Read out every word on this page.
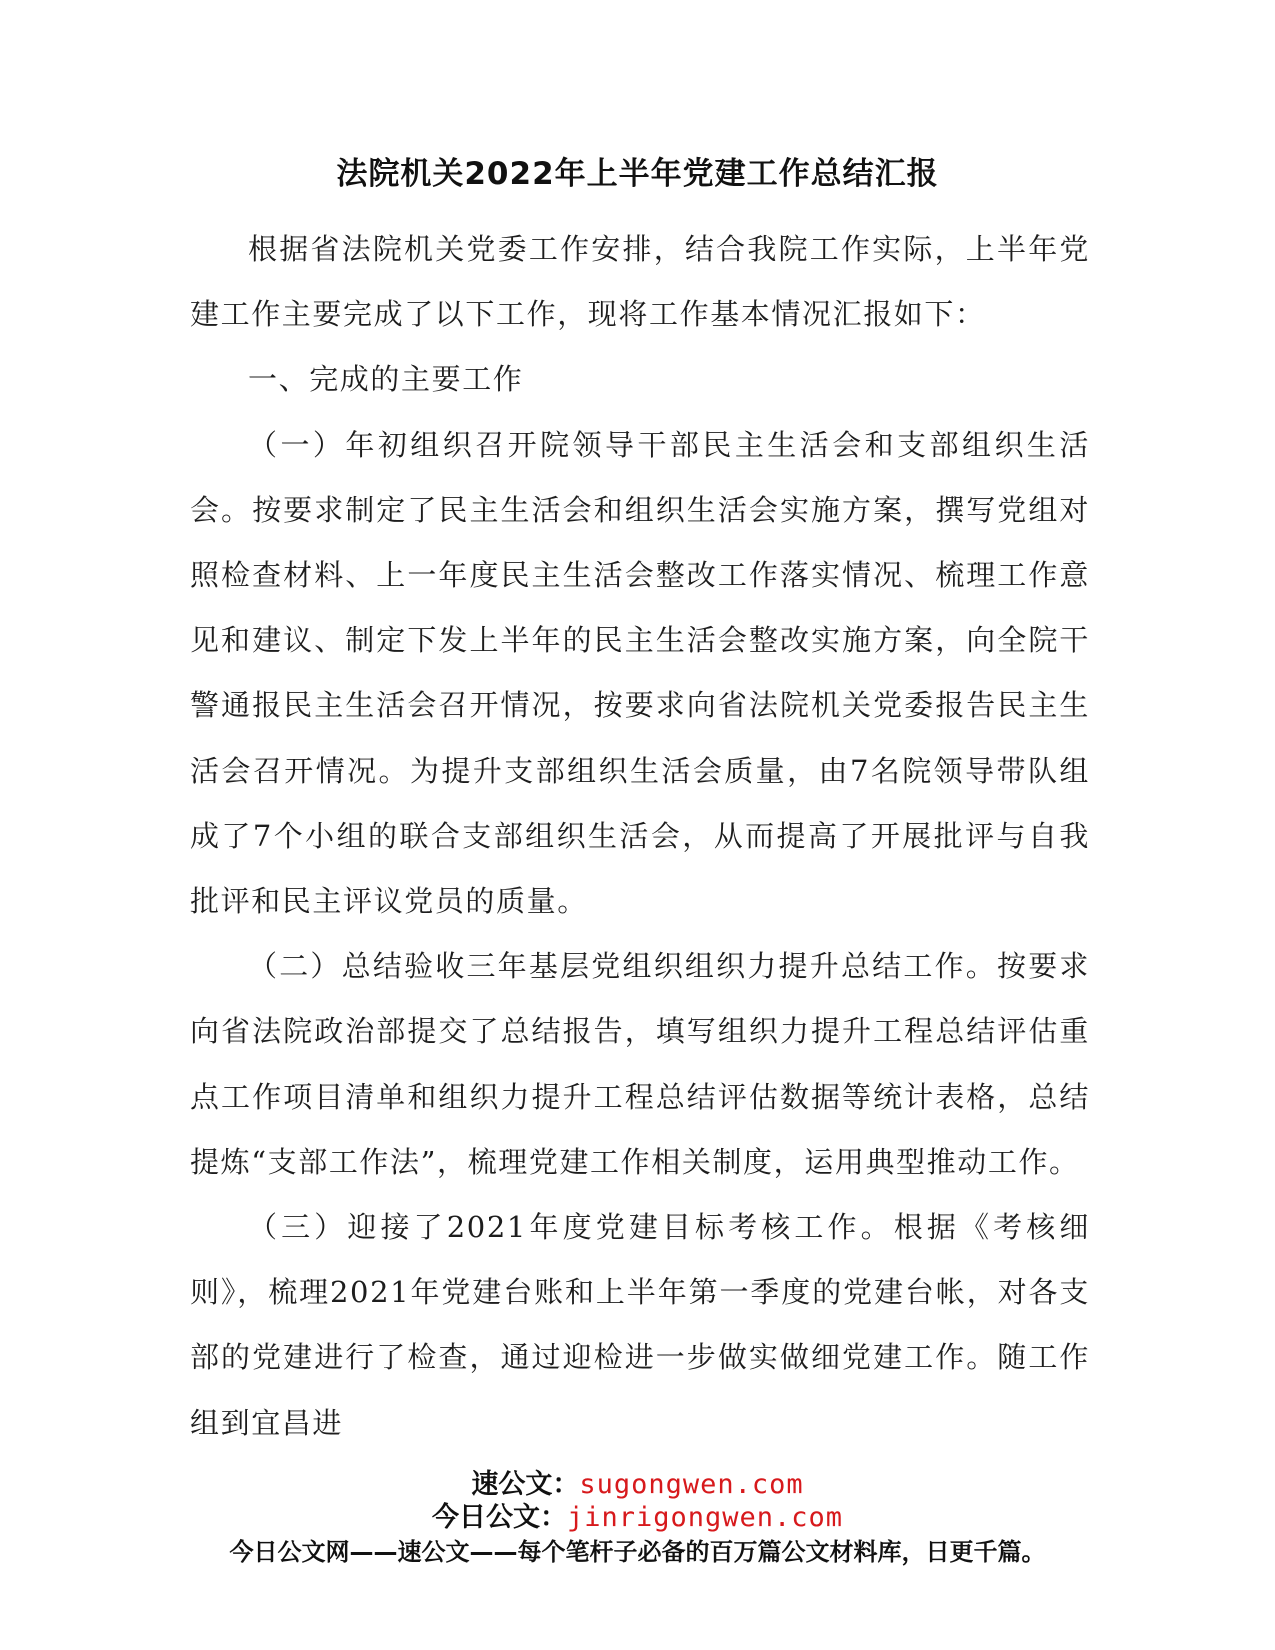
法院机关2022年上半年党建工作总结汇报

根据省法院机关党委工作安排，结合我院工作实际，上半年党建工作主要完成了以下工作，现将工作基本情况汇报如下：

一、完成的主要工作

（一）年初组织召开院领导干部民主生活会和支部组织生活会。按要求制定了民主生活会和组织生活会实施方案，撰写党组对照检查材料、上一年度民主生活会整改工作落实情况、梳理工作意见和建议、制定下发上半年的民主生活会整改实施方案，向全院干警通报民主生活会召开情况，按要求向省法院机关党委报告民主生活会召开情况。为提升支部组织生活会质量，由7名院领导带队组成了7个小组的联合支部组织生活会，从而提高了开展批评与自我批评和民主评议党员的质量。

（二）总结验收三年基层党组织组织力提升总结工作。按要求向省法院政治部提交了总结报告，填写组织力提升工程总结评估重点工作项目清单和组织力提升工程总结评估数据等统计表格，总结提炼“支部工作法”，梳理党建工作相关制度，运用典型推动工作。

（三）迎接了2021年度党建目标考核工作。根据《考核细则》，梳理2021年党建台账和上半年第一季度的党建台帐，对各支部的党建进行了检查，通过迎检进一步做实做细党建工作。随工作组到宜昌进

速公文：sugongwen.com
今日公文：jinrigongwen.com
今日公文网——速公文——每个笔杆子必备的百万篇公文材料库，日更千篇。
